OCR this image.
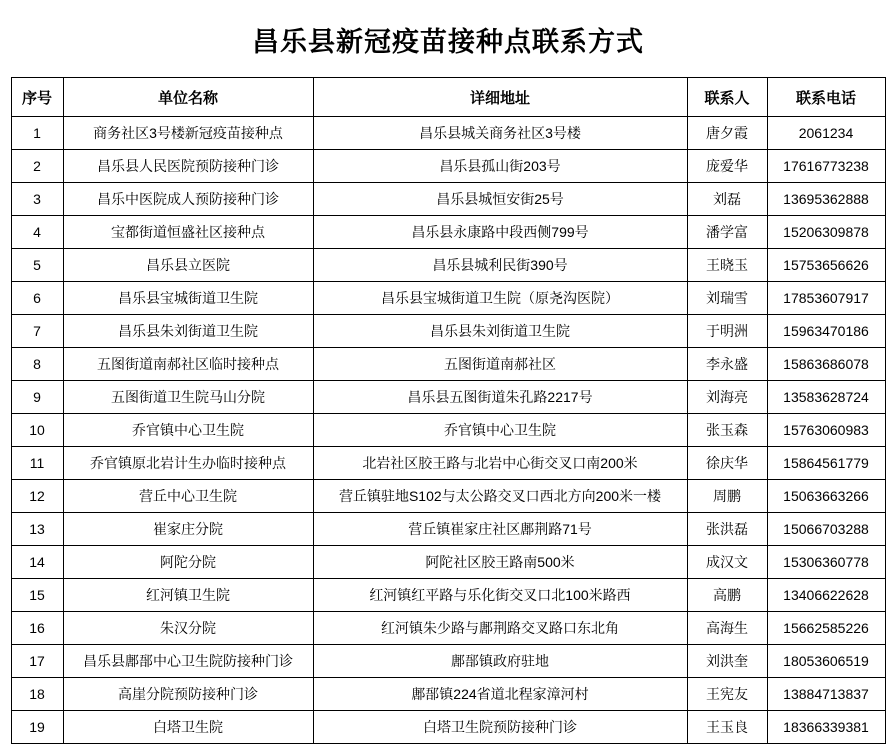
昌乐县新冠疫苗接种点联系方式
序号	单位名称	详细地址	联系人	联系电话
1	商务社区3号楼新冠疫苗接种点	昌乐县城关商务社区3号楼	唐夕霞	2061234
2	昌乐县人民医院预防接种门诊	昌乐县孤山街203号	庞爱华	17616773238
3	昌乐中医院成人预防接种门诊	昌乐县城恒安街25号	刘磊	13695362888
4	宝都街道恒盛社区接种点	昌乐县永康路中段西侧799号	潘学富	15206309878
5	昌乐县立医院	昌乐县城利民街390号	王晓玉	15753656626
6	昌乐县宝城街道卫生院	昌乐县宝城街道卫生院（原尧沟医院）	刘瑞雪	17853607917
7	昌乐县朱刘街道卫生院	昌乐县朱刘街道卫生院	于明洲	15963470186
8	五图街道南郝社区临时接种点	五图街道南郝社区	李永盛	15863686078
9	五图街道卫生院马山分院	昌乐县五图街道朱孔路2217号	刘海亮	13583628724
10	乔官镇中心卫生院	乔官镇中心卫生院	张玉森	15763060983
11	乔官镇原北岩计生办临时接种点	北岩社区胶王路与北岩中心街交叉口南200米	徐庆华	15864561779
12	营丘中心卫生院	营丘镇驻地S102与太公路交叉口西北方向200米一楼	周鹏	15063663266
13	崔家庄分院	营丘镇崔家庄社区鄌荆路71号	张洪磊	15066703288
14	阿陀分院	阿陀社区胶王路南500米	成汉文	15306360778
15	红河镇卫生院	红河镇红平路与乐化街交叉口北100米路西	高鹏	13406622628
16	朱汉分院	红河镇朱少路与鄌荆路交叉路口东北角	高海生	15662585226
17	昌乐县鄌郚中心卫生院防接种门诊	鄌郚镇政府驻地	刘洪奎	18053606519
18	高崖分院预防接种门诊	鄌郚镇224省道北程家漳河村	王宪友	13884713837
19	白塔卫生院	白塔卫生院预防接种门诊	王玉良	18366339381
